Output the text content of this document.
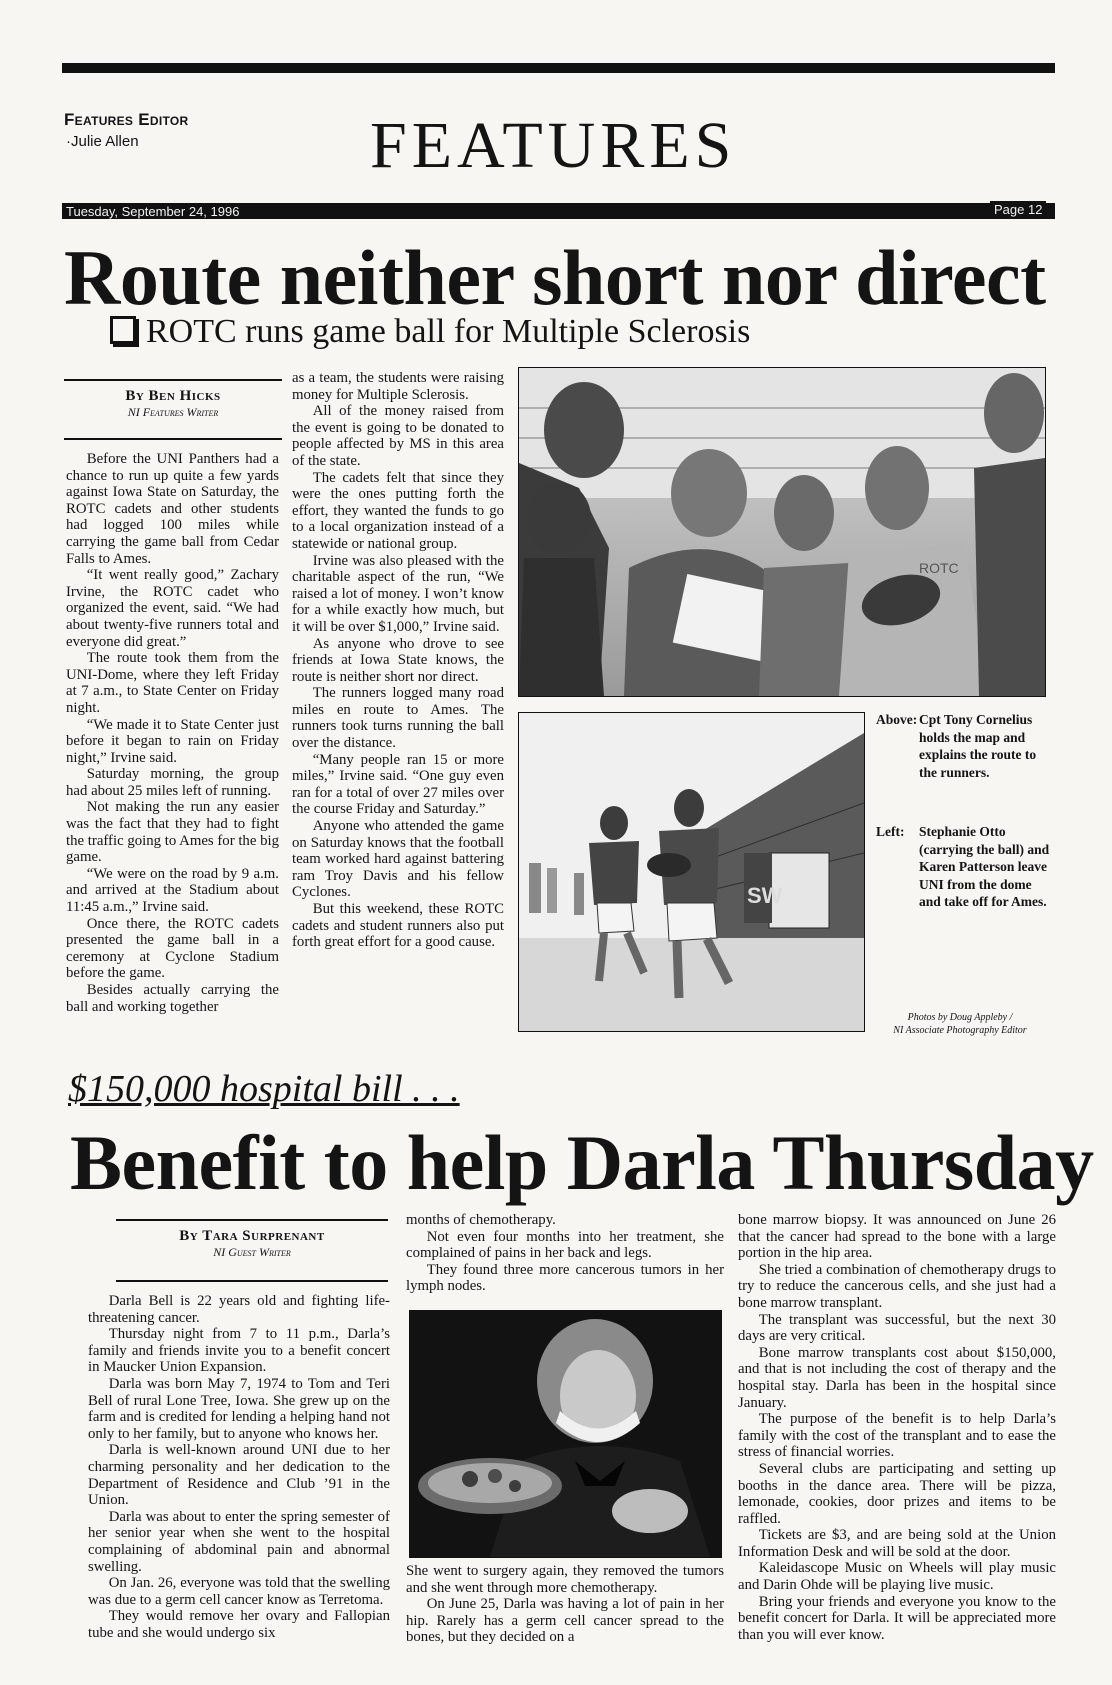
Features Editor
·Julie Allen	FEATURES
Tuesday, September 24, 1996	Page 12
Route neither short nor direct
ROTC runs game ball for Multiple Sclerosis
By Ben Hicks
NI Features Writer

Before the UNI Panthers had a chance to run up quite a few yards against Iowa State on Saturday, the ROTC cadets and other students had logged 100 miles while carrying the game ball from Cedar Falls to Ames.

“It went really good,” Zachary Irvine, the ROTC cadet who organized the event, said. “We had about twenty-five runners total and everyone did great.”

The route took them from the UNI-Dome, where they left Friday at 7 a.m., to State Center on Friday night.

“We made it to State Center just before it began to rain on Friday night,” Irvine said.

Saturday morning, the group had about 25 miles left of running.

Not making the run any easier was the fact that they had to fight the traffic going to Ames for the big game.

“We were on the road by 9 a.m. and arrived at the Stadium about 11:45 a.m.,” Irvine said.

Once there, the ROTC cadets presented the game ball in a ceremony at Cyclone Stadium before the game.

Besides actually carrying the ball and working together

as a team, the students were raising money for Multiple Sclerosis.

All of the money raised from the event is going to be donated to people affected by MS in this area of the state.

The cadets felt that since they were the ones putting forth the effort, they wanted the funds to go to a local organization instead of a statewide or national group.

Irvine was also pleased with the charitable aspect of the run, “We raised a lot of money. I won’t know for a while exactly how much, but it will be over $1,000,” Irvine said.

As anyone who drove to see friends at Iowa State knows, the route is neither short nor direct.

The runners logged many road miles en route to Ames. The runners took turns running the ball over the distance.

“Many people ran 15 or more miles,” Irvine said. “One guy even ran for a total of over 27 miles over the course Friday and Saturday.”

Anyone who attended the game on Saturday knows that the football team worked hard against battering ram Troy Davis and his fellow Cyclones.

But this weekend, these ROTC cadets and student runners also put forth great effort for a good cause.

ROTC
SW
Above: Cpt Tony Cornelius holds the map and explains the route to the runners.
Left:	Stephanie Otto (carrying the ball) and Karen Patterson leave UNI from the dome and take off for Ames.
Photos by Doug Appleby /
NI Associate Photography Editor
$150,000 hospital bill . . .
Benefit to help Darla Thursday
By Tara Surprenant
NI Guest Writer

Darla Bell is 22 years old and fighting life-threatening cancer.

Thursday night from 7 to 11 p.m., Darla’s family and friends invite you to a benefit concert in Maucker Union Expansion.

Darla was born May 7, 1974 to Tom and Teri Bell of rural Lone Tree, Iowa. She grew up on the farm and is credited for lending a helping hand not only to her family, but to anyone who knows her.

Darla is well-known around UNI due to her charming personality and her dedication to the Department of Residence and Club ’91 in the Union.

Darla was about to enter the spring semester of her senior year when she went to the hospital complaining of abdominal pain and abnormal swelling.

On Jan. 26, everyone was told that the swelling was due to a germ cell cancer know as Terretoma.

They would remove her ovary and Fallopian tube and she would undergo six

months of chemotherapy.

Not even four months into her treatment, she complained of pains in her back and legs.

They found three more cancerous tumors in her lymph nodes.

She went to surgery again, they removed the tumors and she went through more chemotherapy.

On June 25, Darla was having a lot of pain in her hip. Rarely has a germ cell cancer spread to the bones, but they decided on a

bone marrow biopsy. It was announced on June 26 that the cancer had spread to the bone with a large portion in the hip area.

She tried a combination of chemotherapy drugs to try to reduce the cancerous cells, and she just had a bone marrow transplant.

The transplant was successful, but the next 30 days are very critical.

Bone marrow transplants cost about $150,000, and that is not including the cost of therapy and the hospital stay. Darla has been in the hospital since January.

The purpose of the benefit is to help Darla’s family with the cost of the transplant and to ease the stress of financial worries.

Several clubs are participating and setting up booths in the dance area. There will be pizza, lemonade, cookies, door prizes and items to be raffled.

Tickets are $3, and are being sold at the Union Information Desk and will be sold at the door.

Kaleidascope Music on Wheels will play music and Darin Ohde will be playing live music.

Bring your friends and everyone you know to the benefit concert for Darla. It will be appreciated more than you will ever know.
